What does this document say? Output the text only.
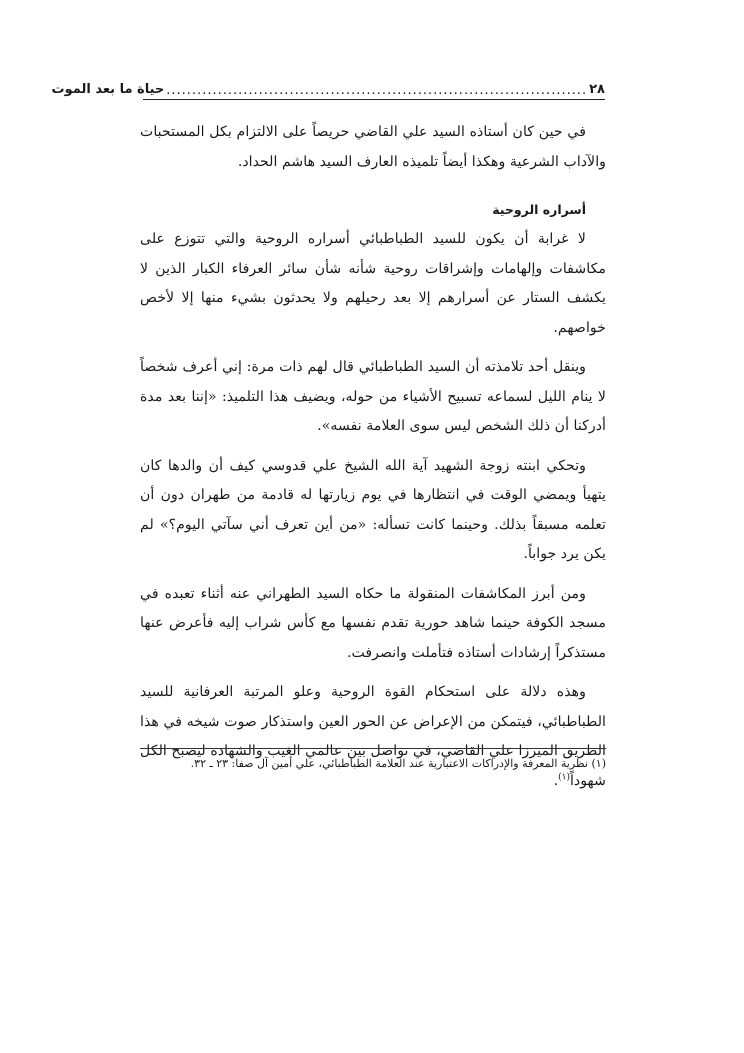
٢٨
..................................................................................
حياة ما بعد الموت

في حين كان أستاذه السيد علي القاضي حريصاً على الالتزام بكل المستحبات والآداب الشرعية وهكذا أيضاً تلميذه العارف السيد هاشم الحداد.

أسراره الروحية

لا غرابة أن يكون للسيد الطباطبائي أسراره الروحية والتي تتوزع على مكاشفات وإلهامات وإشراقات روحية شأنه شأن سائر العرفاء الكبار الذين لا يكشف الستار عن أسرارهم إلا بعد رحيلهم ولا يحدثون بشيء منها إلا لأخص خواصهم.

وينقل أحد تلامذته أن السيد الطباطبائي قال لهم ذات مرة: إني أعرف شخصاً لا ينام الليل لسماعه تسبيح الأشياء من حوله، ويضيف هذا التلميذ: «إننا بعد مدة أدركنا أن ذلك الشخص ليس سوى العلامة نفسه».

وتحكي ابنته زوجة الشهيد آية الله الشيخ علي قدوسي كيف أن والدها كان يتهيأ ويمضي الوقت في انتظارها في يوم زيارتها له قادمة من طهران دون أن تعلمه مسبقاً بذلك. وحينما كانت تسأله: «من أين تعرف أني سآتي اليوم؟» لم يكن يرد جواباً.

ومن أبرز المكاشفات المنقولة ما حكاه السيد الطهراني عنه أثناء تعبده في مسجد الكوفة حينما شاهد حورية تقدم نفسها مع كأس شراب إليه فأعرض عنها مستذكراً إرشادات أستاذه فتأملت وانصرفت.

وهذه دلالة على استحكام القوة الروحية وعلو المرتبة العرفانية للسيد الطباطبائي، فيتمكن من الإعراض عن الحور العين واستذكار صوت شيخه في هذا الطريق الميرزا علي القاضي، في تواصل بين عالمي الغيب والشهادة ليصبح الكل شهوداً$^{(١)}$.

(١) نظرية المعرفة والإدراكات الاعتبارية عند العلامة الطباطبائي، علي أمين آل صفا: ٢٣ ـ ٣٢.
